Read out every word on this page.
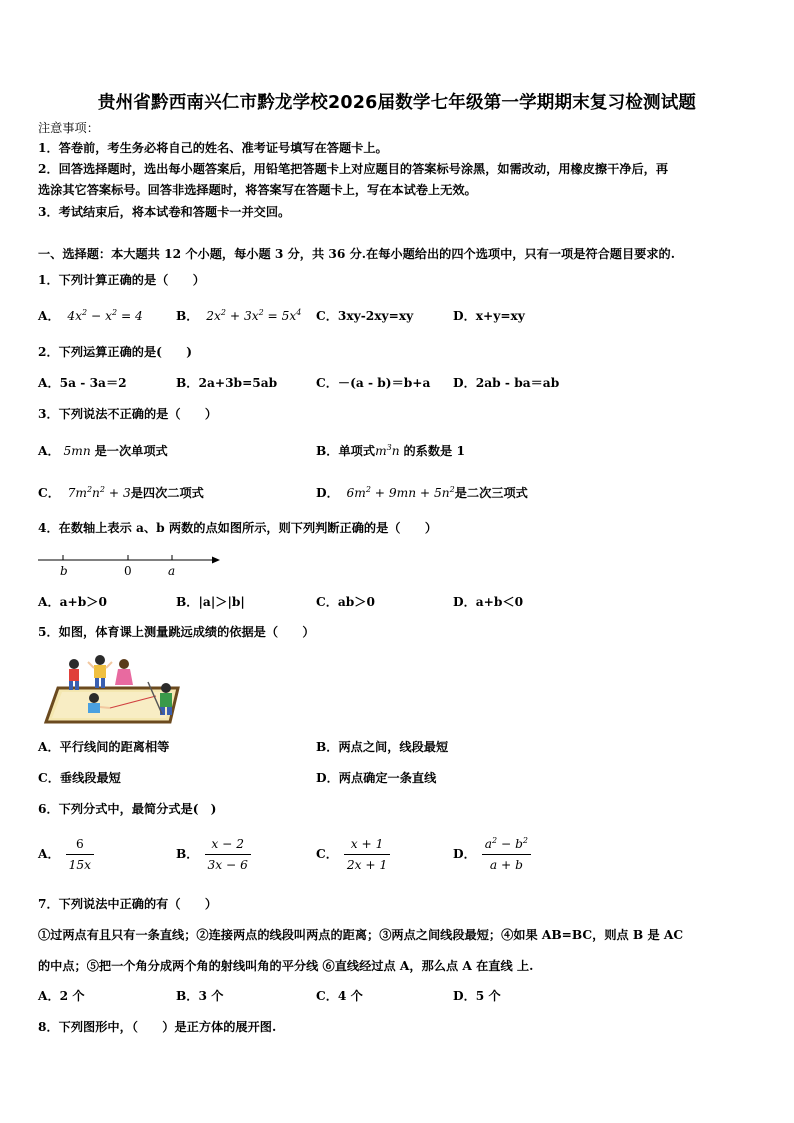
贵州省黔西南兴仁市黔龙学校2026届数学七年级第一学期期末复习检测试题
注意事项：
1．答卷前，考生务必将自己的姓名、准考证号填写在答题卡上。
2．回答选择题时，选出每小题答案后，用铅笔把答题卡上对应题目的答案标号涂黑，如需改动，用橡皮擦干净后，再
选涂其它答案标号。回答非选择题时，将答案写在答题卡上，写在本试卷上无效。
3．考试结束后，将本试卷和答题卡一并交回。
一、选择题：本大题共 12 个小题，每小题 3 分，共 36 分.在每小题给出的四个选项中，只有一项是符合题目要求的.
1．下列计算正确的是（　　）
A．  $4x^2 - x^2 = 4$	B．  $2x^2 + 3x^2 = 5x^4$ C．3xy-2xy=xy	D．x+y=xy
2．下列运算正确的是(　　)
A．5a - 3a＝2	B．2a+3b=5ab	C．－(a - b)＝b+a D．2ab - ba＝ab
3．下列说法不正确的是（　　）
A． 5mn 是一次单项式	B．单项式$m^3n$ 的系数是 1
C．  $7m^2n^2 + 3$是四次二项式	D．  $6m^2 + 9mn + 5n^2$是二次三项式
4．在数轴上表示 a、b 两数的点如图所示，则下列判断正确的是（　　）
b	0	a
A．a+b＞0	B．|a|＞|b|	C．ab＞0	D．a+b＜0
5．如图，体育课上测量跳远成绩的依据是（　　）
A．平行线间的距离相等	B．两点之间，线段最短
C．垂线段最短	D．两点确定一条直线
6．下列分式中，最简分式是(　)
A． $\frac{6}{15x}$	B． $\frac{x - 2}{3x - 6}$	C． $\frac{x + 1}{2x + 1}$	D． $\frac{a^2 - b^2}{a + b}$
7．下列说法中正确的有（　　）
①过两点有且只有一条直线；②连接两点的线段叫两点的距离；③两点之间线段最短；④如果 AB=BC，则点 B 是 AC
的中点；⑤把一个角分成两个角的射线叫角的平分线 ⑥直线经过点 A，那么点 A 在直线 上.
A．2 个	B．3 个	C．4 个	D．5 个
8．下列图形中，（　　）是正方体的展开图.
